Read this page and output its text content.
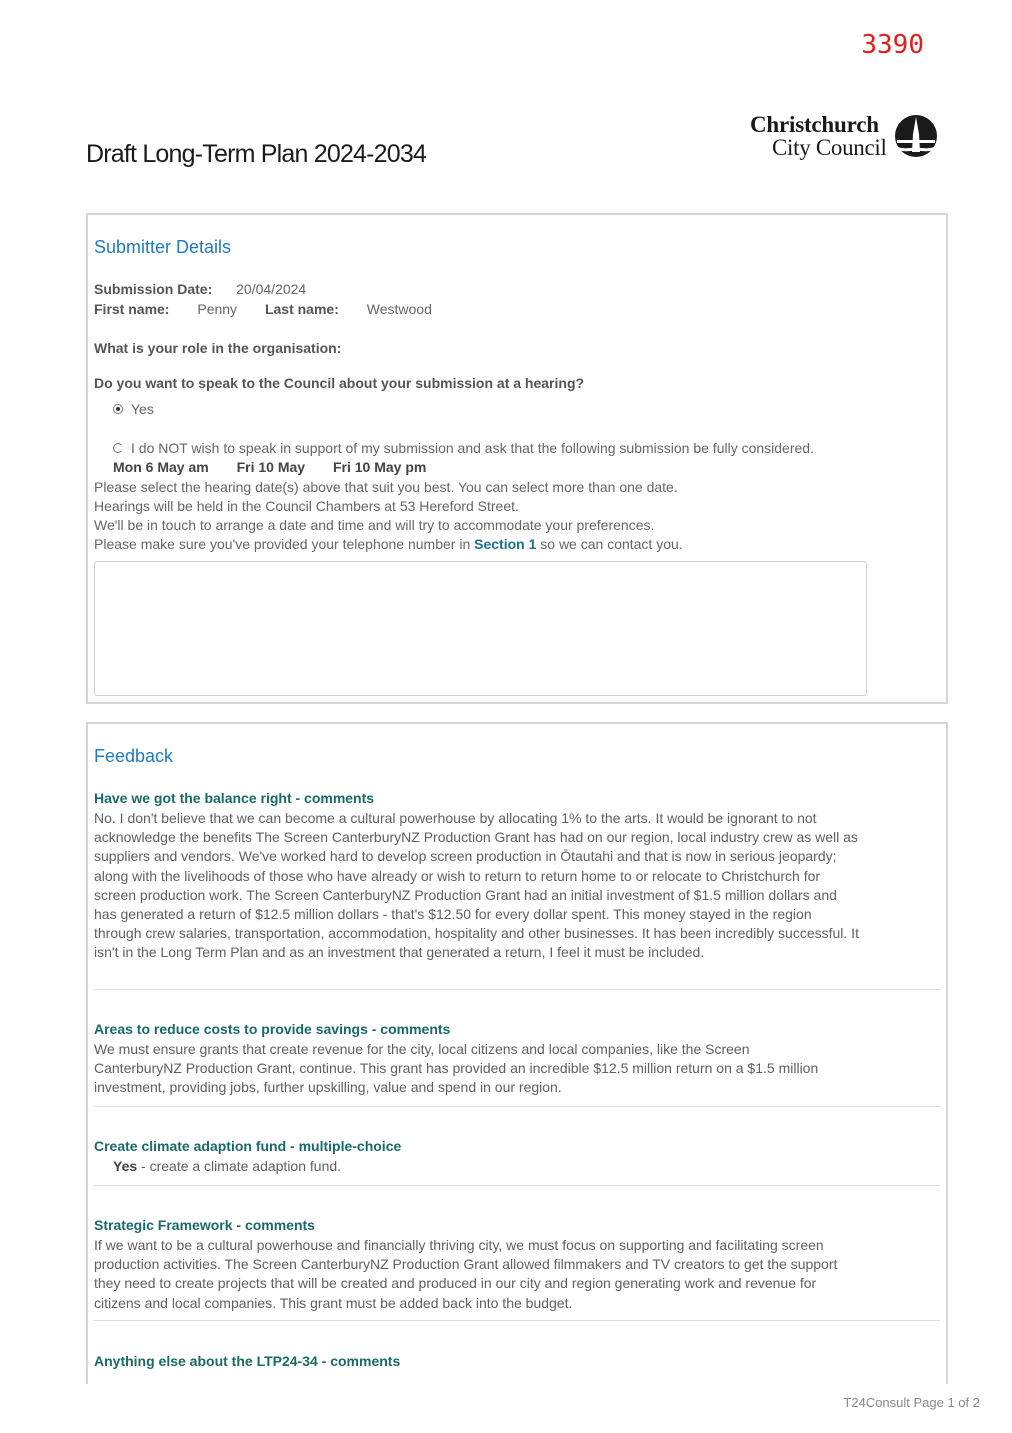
3390
Draft Long-Term Plan 2024-2034
Christchurch
City Council
Submitter Details
Submission Date: 20/04/2024
First name: Penny Last name: Westwood
What is your role in the organisation:
Do you want to speak to the Council about your submission at a hearing?
Yes
I do NOT wish to speak in support of my submission and ask that the following submission be fully considered.
Mon 6 May am Fri 10 May Fri 10 May pm
Please select the hearing date(s) above that suit you best. You can select more than one date.
Hearings will be held in the Council Chambers at 53 Hereford Street.
We'll be in touch to arrange a date and time and will try to accommodate your preferences.
Please make sure you've provided your telephone number in Section 1 so we can contact you.
Feedback
Have we got the balance right - comments
No. I don't believe that we can become a cultural powerhouse by allocating 1% to the arts. It would be ignorant to not acknowledge the benefits The Screen CanterburyNZ Production Grant has had on our region, local industry crew as well as suppliers and vendors. We've worked hard to develop screen production in Ōtautahi and that is now in serious jeopardy; along with the livelihoods of those who have already or wish to return to return home to or relocate to Christchurch for screen production work. The Screen CanterburyNZ Production Grant had an initial investment of $1.5 million dollars and has generated a return of $12.5 million dollars - that's $12.50 for every dollar spent. This money stayed in the region through crew salaries, transportation, accommodation, hospitality and other businesses. It has been incredibly successful. It isn't in the Long Term Plan and as an investment that generated a return, I feel it must be included.
Areas to reduce costs to provide savings - comments
We must ensure grants that create revenue for the city, local citizens and local companies, like the Screen CanterburyNZ Production Grant, continue. This grant has provided an incredible $12.5 million return on a $1.5 million investment, providing jobs, further upskilling, value and spend in our region.
Create climate adaption fund - multiple-choice
Yes - create a climate adaption fund.
Strategic Framework - comments
If we want to be a cultural powerhouse and financially thriving city, we must focus on supporting and facilitating screen production activities. The Screen CanterburyNZ Production Grant allowed filmmakers and TV creators to get the support they need to create projects that will be created and produced in our city and region generating work and revenue for citizens and local companies. This grant must be added back into the budget.
Anything else about the LTP24-34 - comments
T24Consult Page 1 of 2
